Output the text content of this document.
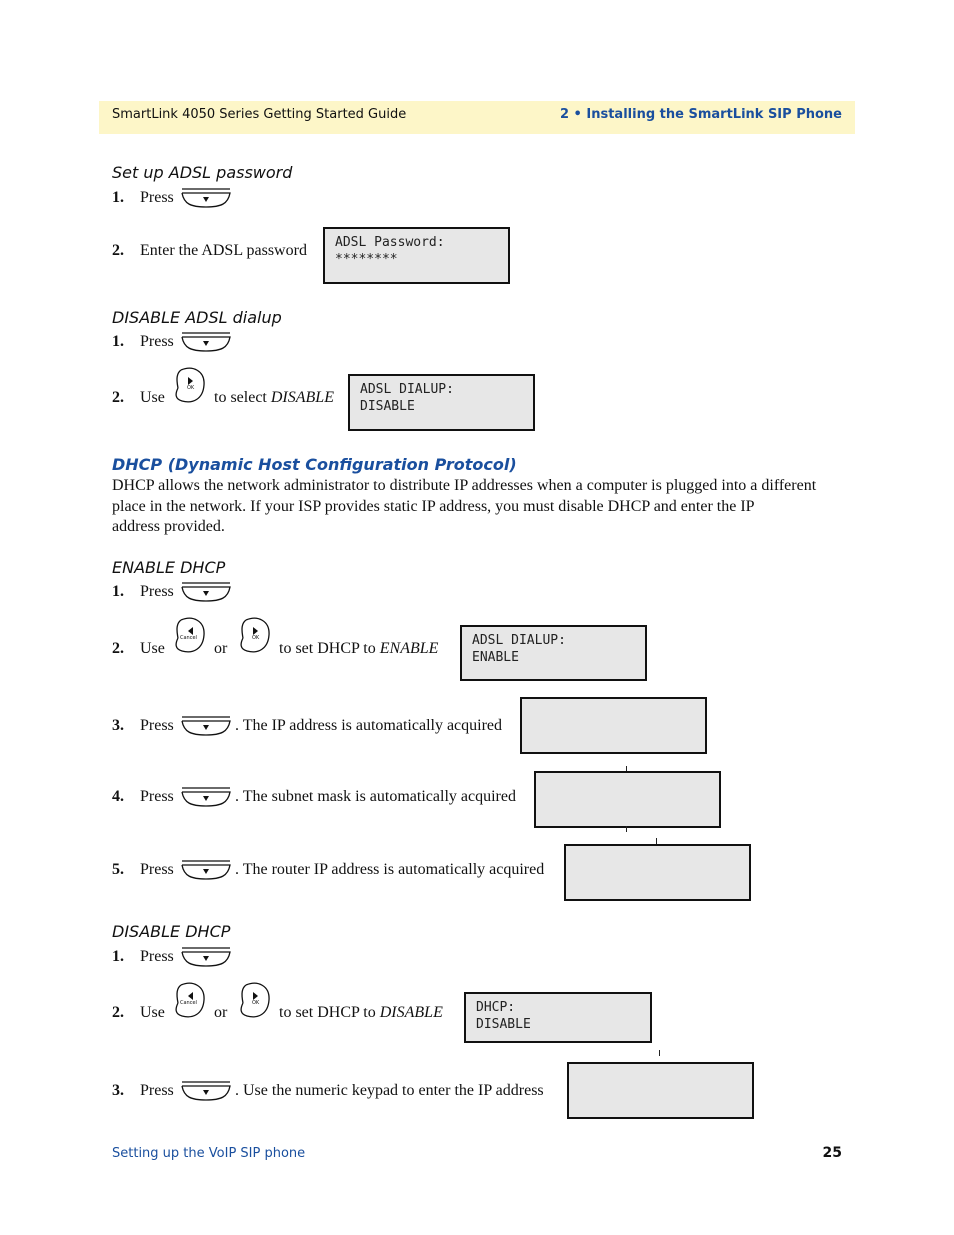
SmartLink 4050 Series Getting Started Guide	2 • Installing the SmartLink SIP Phone
Set up ADSL password
1. Press
2. Enter the ADSL password ADSL Password:
********
DISABLE ADSL dialup
1. Press
2. Use
OK
to select DISABLE ADSL DIALUP:
DISABLE
DHCP (Dynamic Host Configuration Protocol)
DHCP allows the network administrator to distribute IP addresses when a computer is plugged into a different
place in the network. If your ISP provides static IP address, you must disable DHCP and enter the IP
address provided.
ENABLE DHCP
1. Press
2. Use
Cancel
or
OK
to set DHCP to ENABLE	ADSL DIALUP:
ENABLE
3. Press	. The IP address is automatically acquired
4. Press	. The subnet mask is automatically acquired
5. Press	. The router IP address is automatically acquired
DISABLE DHCP
1. Press
2. Use
Cancel
or
OK
to set DHCP to DISABLE	DHCP:
DISABLE
3. Press	. Use the numeric keypad to enter the IP address
Setting up the VoIP SIP phone	25
